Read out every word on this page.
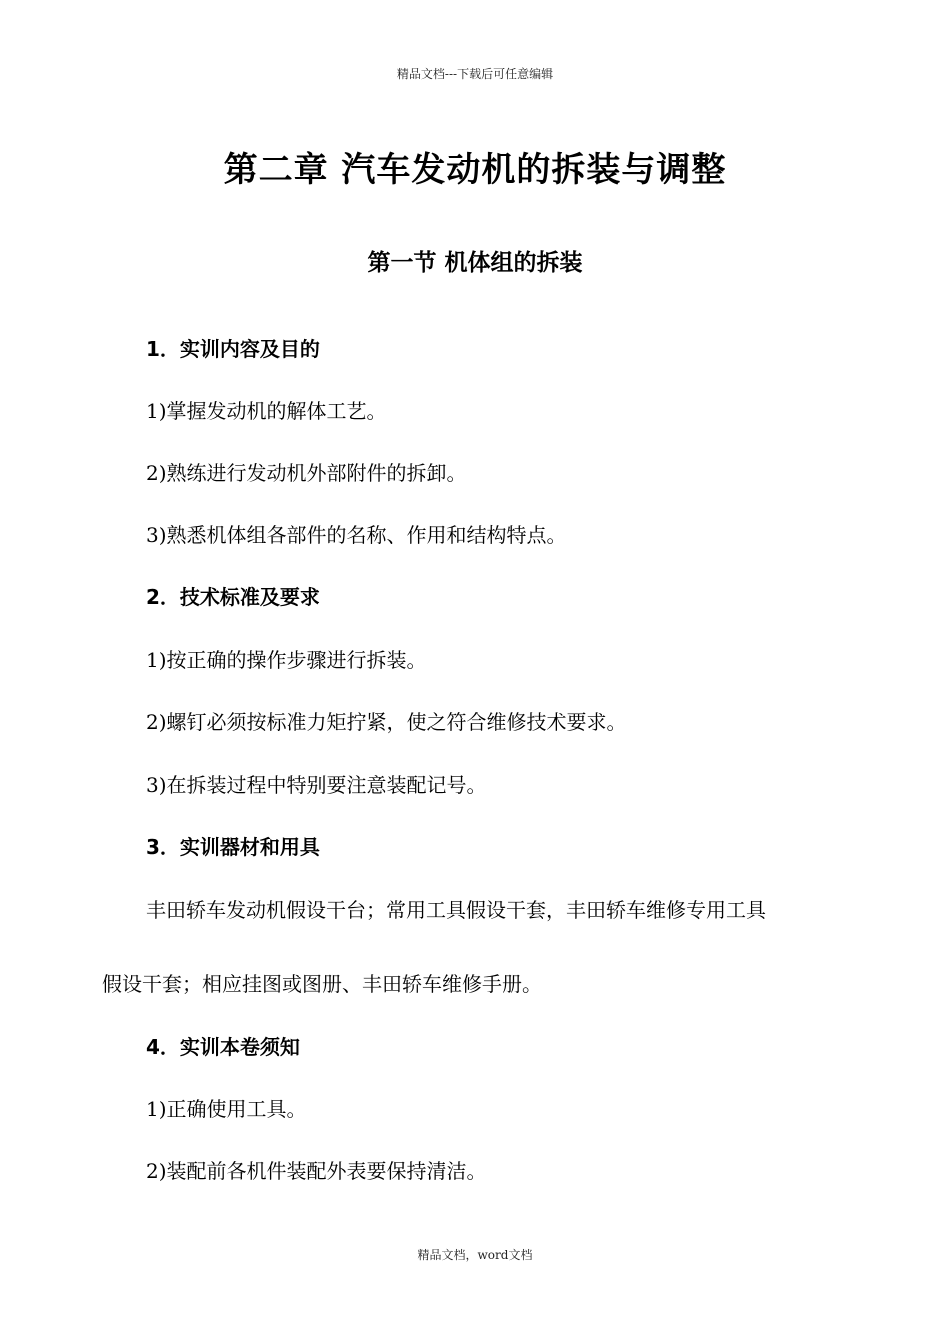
精品文档---下载后可任意编辑
第二章 汽车发动机的拆装与调整
第一节 机体组的拆装
1．实训内容及目的
1)掌握发动机的解体工艺。
2)熟练进行发动机外部附件的拆卸。
3)熟悉机体组各部件的名称、作用和结构特点。
2．技术标准及要求
1)按正确的操作步骤进行拆装。
2)螺钉必须按标准力矩拧紧，使之符合维修技术要求。
3)在拆装过程中特别要注意装配记号。
3．实训器材和用具
丰田轿车发动机假设干台；常用工具假设干套，丰田轿车维修专用工具
假设干套；相应挂图或图册、丰田轿车维修手册。
4．实训本卷须知
1)正确使用工具。
2)装配前各机件装配外表要保持清洁。
精品文档，word文档
